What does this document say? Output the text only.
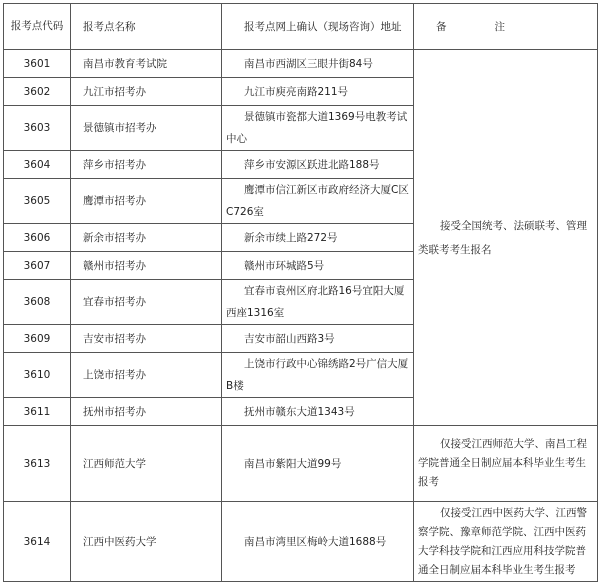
报考点代码	报考点名称	报考点网上确认（现场咨询）地址	备 注
3601	南昌市教育考试院	南昌市西湖区三眼井街84号	接受全国统考、法硕联考、管理类联考考生报名
3602	九江市招考办	九江市庾亮南路211号	
3603	景德镇市招考办	景德镇市瓷都大道1369号电教考试中心	
3604	萍乡市招考办	萍乡市安源区跃进北路188号	
3605	鹰潭市招考办	鹰潭市信江新区市政府经济大厦C区C726室	
3606	新余市招考办	新余市续上路272号	
3607	赣州市招考办	赣州市环城路5号	
3608	宜春市招考办	宜春市袁州区府北路16号宜阳大厦西座1316室	
3609	吉安市招考办	吉安市韶山西路3号	
3610	上饶市招考办	上饶市行政中心锦绣路2号广信大厦B楼	
3611	抚州市招考办	抚州市赣东大道1343号	
3613	江西师范大学	南昌市紫阳大道99号	仅接受江西师范大学、南昌工程学院普通全日制应届本科毕业生考生报考
3614	江西中医药大学	南昌市湾里区梅岭大道1688号	仅接受江西中医药大学、江西警察学院、豫章师范学院、江西中医药大学科技学院和江西应用科技学院普通全日制应届本科毕业生考生报考
